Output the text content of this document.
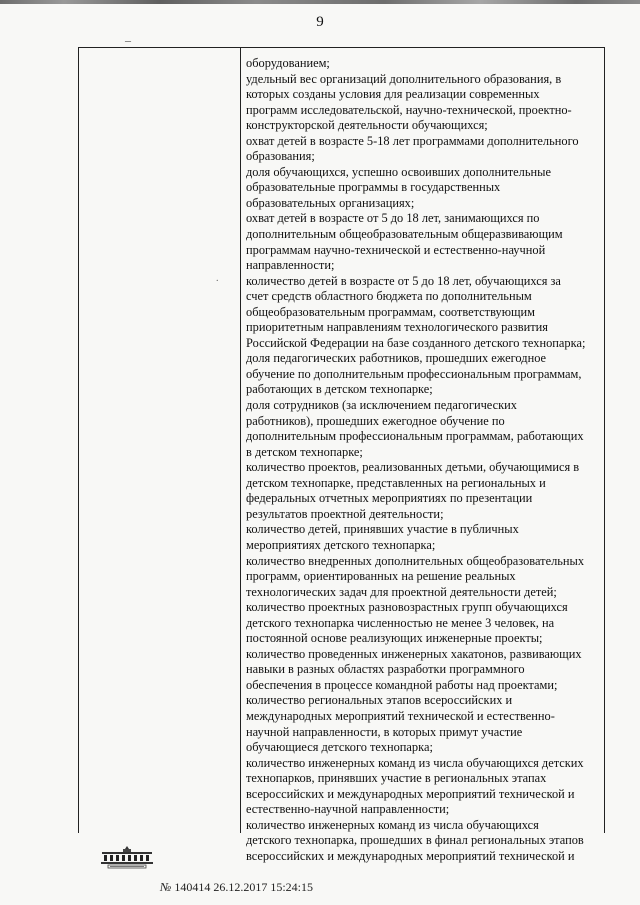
9
–
.

оборудованием;

удельный вес организаций дополнительного образования, в

которых созданы условия для реализации современных

программ исследовательской, научно-технической, проектно-

конструкторской деятельности обучающихся;

охват детей в возрасте 5-18 лет программами дополнительного

образования;

доля обучающихся, успешно освоивших дополнительные

образовательные программы в государственных

образовательных организациях;

охват детей в возрасте от 5 до 18 лет, занимающихся по

дополнительным общеобразовательным общеразвивающим

программам научно-технической и естественно-научной

направленности;

количество детей в возрасте от 5 до 18 лет, обучающихся за

счет средств областного бюджета по дополнительным

общеобразовательным программам, соответствующим

приоритетным направлениям технологического развития

Российской Федерации на базе созданного детского технопарка;

доля педагогических работников, прошедших ежегодное

обучение по дополнительным профессиональным программам,

работающих в детском технопарке;

доля сотрудников (за исключением педагогических

работников), прошедших ежегодное обучение по

дополнительным профессиональным программам, работающих

в детском технопарке;

количество проектов, реализованных детьми, обучающимися в

детском технопарке, представленных на региональных и

федеральных отчетных мероприятиях по презентации

результатов проектной деятельности;

количество детей, принявших участие в публичных

мероприятиях детского технопарка;

количество внедренных дополнительных общеобразовательных

программ, ориентированных на решение реальных

технологических задач для проектной деятельности детей;

количество проектных разновозрастных групп обучающихся

детского технопарка численностью не менее 3 человек, на

постоянной основе реализующих инженерные проекты;

количество проведенных инженерных хакатонов, развивающих

навыки в разных областях разработки программного

обеспечения в процессе командной работы над проектами;

количество региональных этапов всероссийских и

международных мероприятий технической и естественно-

научной направленности, в которых примут участие

обучающиеся детского технопарка;

количество инженерных команд из числа обучающихся детских

технопарков, принявших участие в региональных этапах

всероссийских и международных мероприятий технической и

естественно-научной направленности;

количество инженерных команд из числа обучающихся

детского технопарка, прошедших в финал региональных этапов

всероссийских и международных мероприятий технической и

№ 140414 26.12.2017 15:24:15
